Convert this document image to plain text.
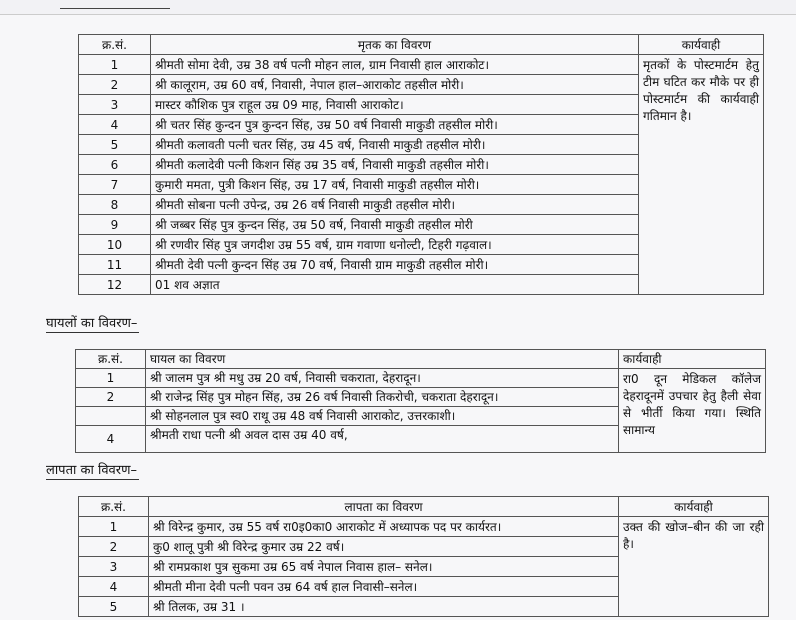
क्र.सं.	मृतक का विवरण	कार्यवाही
1	श्रीमती सोमा देवी, उम्र 38 वर्ष पत्नी मोहन लाल, ग्राम निवासी हाल आराकोट।	मृतकों के पोस्टमार्टम हेतु टीम घटित कर मौके पर ही पोस्टमार्टम की कार्यवाही गतिमान है।
2	श्री कालूराम, उम्र 60 वर्ष, निवासी, नेपाल हाल–आराकोट तहसील मोरी।	
3	मास्टर कौशिक पुत्र राहूल उम्र 09 माह, निवासी आराकोट।	
4	श्री चतर सिंह कुन्दन पुत्र कुन्दन सिंह, उम्र 50 वर्ष निवासी माकुडी तहसील मोरी।	
5	श्रीमती कलावती पत्नी चतर सिंह, उम्र 45 वर्ष, निवासी माकुडी तहसील मोरी।	
6	श्रीमती कलादेवी पत्नी किशन सिंह उम्र 35 वर्ष, निवासी माकुडी तहसील मोरी।	
7	कुमारी ममता, पुत्री किशन सिंह, उम्र 17 वर्ष, निवासी माकुडी तहसील मोरी।	
8	श्रीमती सोबना पत्नी उपेन्द्र, उम्र 26 वर्ष निवासी माकुडी तहसील मोरी।	
9	श्री जब्बर सिंह पुत्र कुन्दन सिंह, उम्र 50 वर्ष, निवासी माकुडी तहसील मोरी	
10	श्री रणवीर सिंह पुत्र जगदीश उम्र 55 वर्ष, ग्राम गवाणा धनोल्टी, टिहरी गढ़वाल।	
11	श्रीमती देवी पत्नी कुन्दन सिंह उम्र 70 वर्ष, निवासी ग्राम माकुडी तहसील मोरी।	
12	01 शव अज्ञात	
घायलों का विवरण–
क्र.सं.	घायल का विवरण	कार्यवाही
1	श्री जालम पुत्र श्री मधु उम्र 20 वर्ष, निवासी चकराता, देहरादून।	रा0 दून मेडिकल कॉलेज देहरादूनमें उपचार हेतु हैली सेवा से भीर्ती किया गया। स्थिति सामान्य
2	श्री राजेन्द्र सिंह पुत्र मोहन सिंह, उम्र 26 वर्ष निवासी तिकरोची, चकराता देहरादून।	
	श्री सोहनलाल पुत्र स्व0 राथू उम्र 48 वर्ष निवासी आराकोट, उत्तरकाशी।	
4	श्रीमती राधा पत्नी श्री अवल दास उम्र 40 वर्ष,	
लापता का विवरण–
क्र.सं.	लापता का विवरण	कार्यवाही
1	श्री विरेन्द्र कुमार, उम्र 55 वर्ष रा0इ0का0 आराकोट में अध्यापक पद पर कार्यरत।	उक्त की खोज–बीन की जा रही है।
2	कु0 शालू पुत्री श्री विरेन्द्र कुमार उम्र 22 वर्ष।	
3	श्री रामप्रकाश पुत्र सुकमा उम्र 65 वर्ष नेपाल निवास हाल– सनेल।	
4	श्रीमती मीना देवी पत्नी पवन उम्र 64 वर्ष हाल निवासी–सनेल।	
5	श्री तिलक, उम्र 31 ।	
